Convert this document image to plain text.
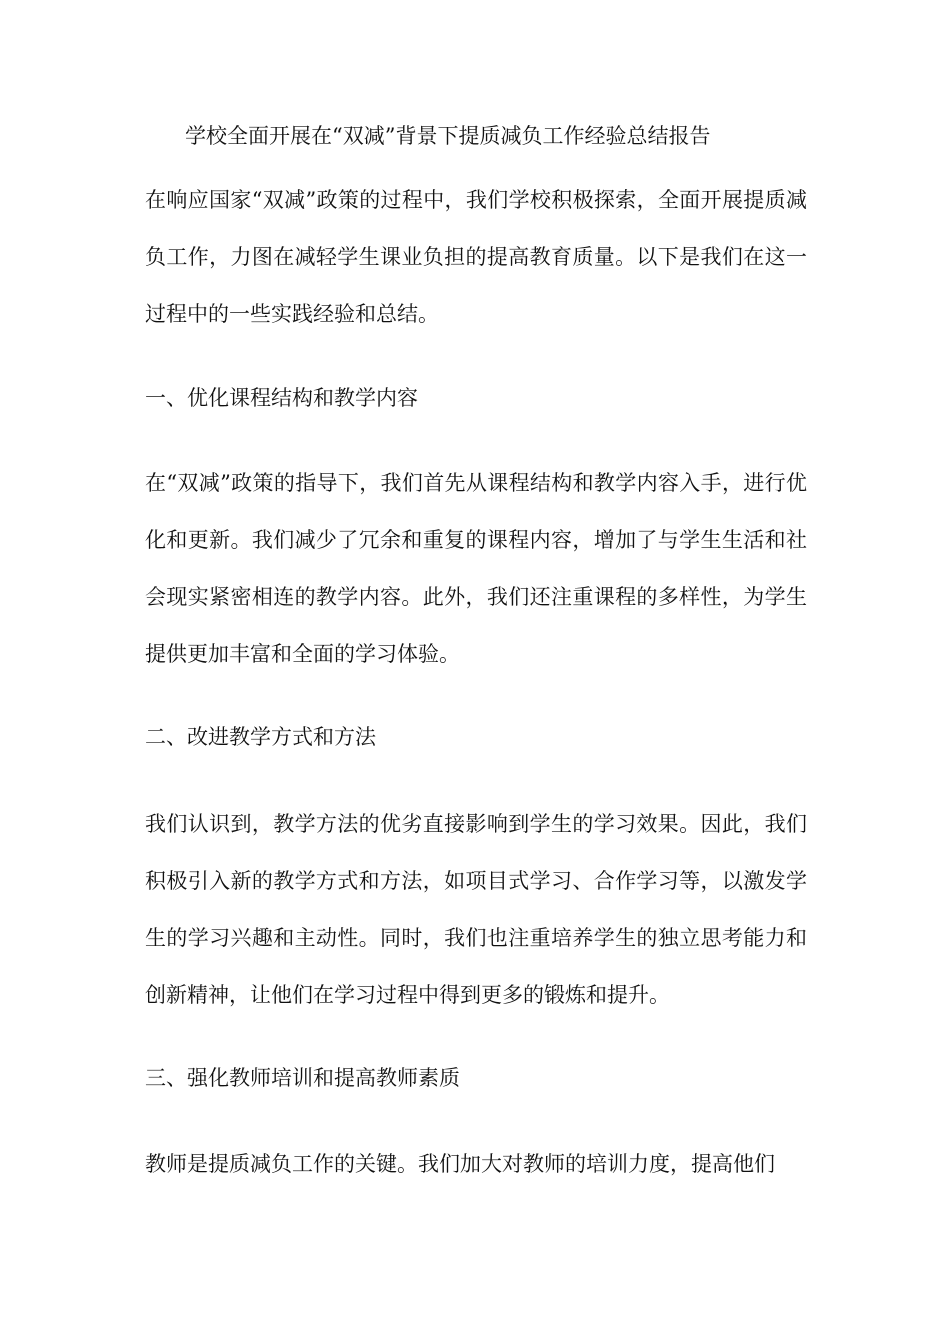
学校全面开展在“双减”背景下提质减负工作经验总结报告

在响应国家“双减”政策的过程中，我们学校积极探索，全面开展提质减负工作，力图在减轻学生课业负担的提高教育质量。以下是我们在这一过程中的一些实践经验和总结。

一、优化课程结构和教学内容

在“双减”政策的指导下，我们首先从课程结构和教学内容入手，进行优化和更新。我们减少了冗余和重复的课程内容，增加了与学生生活和社会现实紧密相连的教学内容。此外，我们还注重课程的多样性，为学生提供更加丰富和全面的学习体验。

二、改进教学方式和方法

我们认识到，教学方法的优劣直接影响到学生的学习效果。因此，我们积极引入新的教学方式和方法，如项目式学习、合作学习等，以激发学生的学习兴趣和主动性。同时，我们也注重培养学生的独立思考能力和创新精神，让他们在学习过程中得到更多的锻炼和提升。

三、强化教师培训和提高教师素质

教师是提质减负工作的关键。我们加大对教师的培训力度，提高他们
